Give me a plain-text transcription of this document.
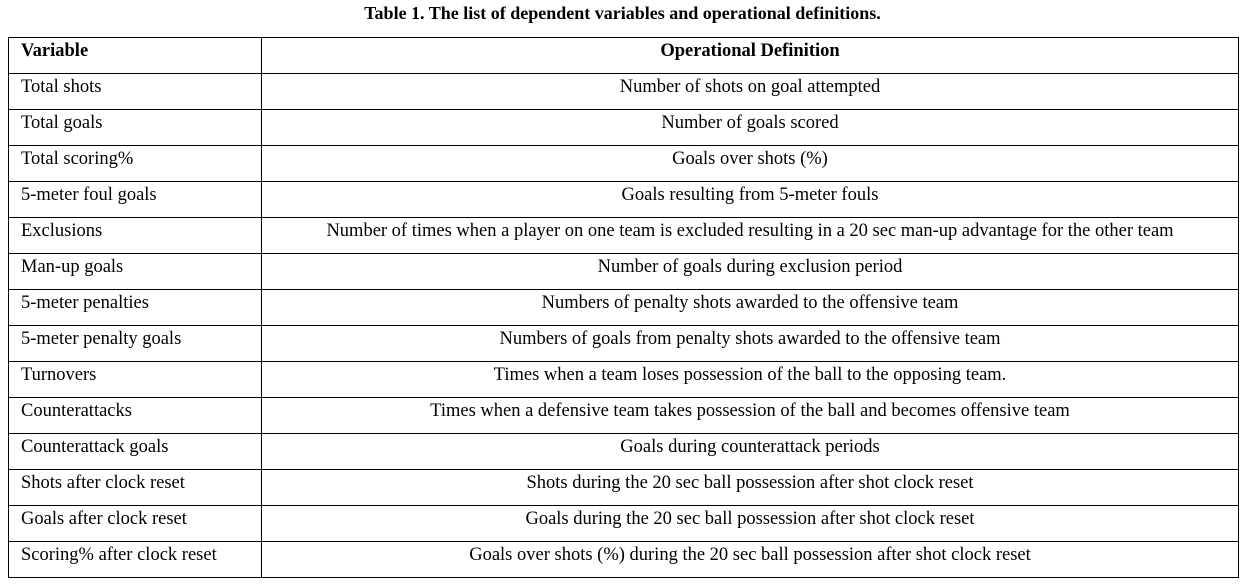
Table 1. The list of dependent variables and operational definitions.
Variable	Operational Definition
Total shots	Number of shots on goal attempted
Total goals	Number of goals scored
Total scoring%	Goals over shots (%)
5-meter foul goals	Goals resulting from 5-meter fouls
Exclusions	Number of times when a player on one team is excluded resulting in a 20 sec man-up advantage for the other team
Man-up goals	Number of goals during exclusion period
5-meter penalties	Numbers of penalty shots awarded to the offensive team
5-meter penalty goals	Numbers of goals from penalty shots awarded to the offensive team
Turnovers	Times when a team loses possession of the ball to the opposing team.
Counterattacks	Times when a defensive team takes possession of the ball and becomes offensive team
Counterattack goals	Goals during counterattack periods
Shots after clock reset	Shots during the 20 sec ball possession after shot clock reset
Goals after clock reset	Goals during the 20 sec ball possession after shot clock reset
Scoring% after clock reset	Goals over shots (%) during the 20 sec ball possession after shot clock reset
